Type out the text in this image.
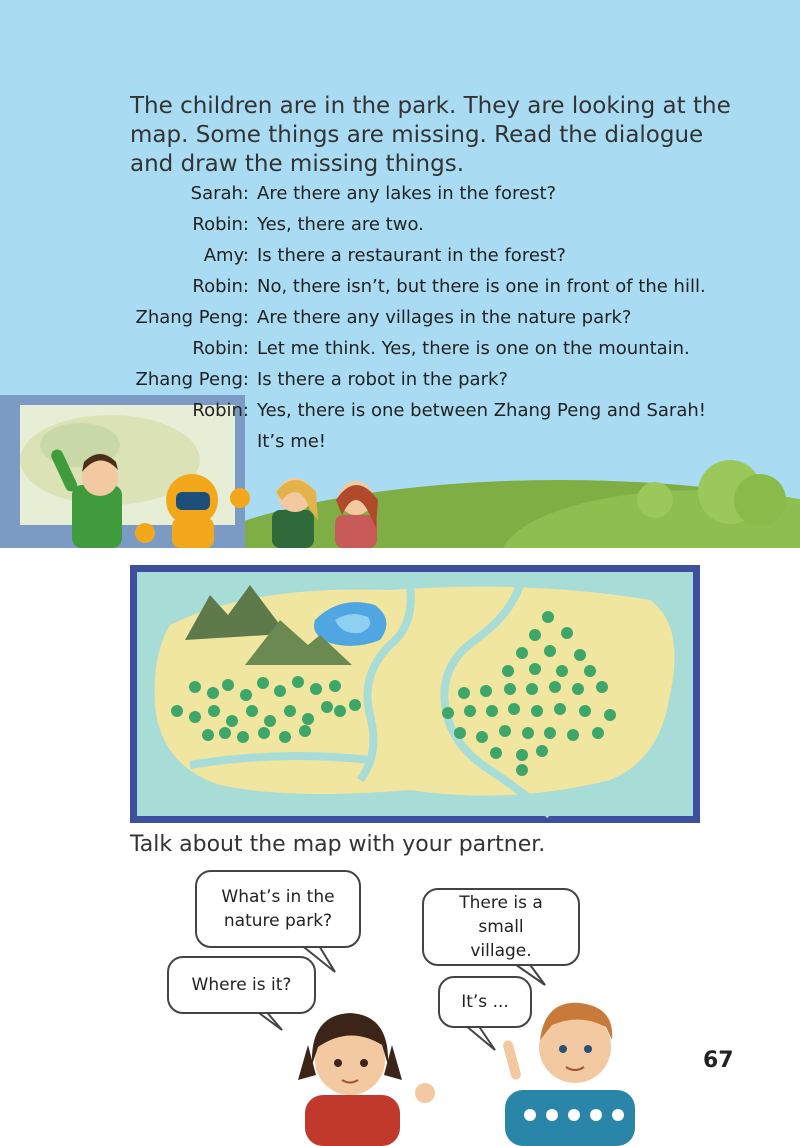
The children are in the park. They are looking at the map. Some things are missing. Read the dialogue and draw the missing things.

Sarah: Are there any lakes in the forest?
Robin: Yes, there are two.
Amy: Is there a restaurant in the forest?
Robin: No, there isn’t, but there is one in front of the hill.
Zhang Peng: Are there any villages in the nature park?
Robin: Let me think. Yes, there is one on the mountain.
Zhang Peng: Is there a robot in the park?
Robin: Yes, there is one between Zhang Peng and Sarah!
It’s me!
Talk about the map with your partner.
What’s in the nature park?
Where is it?
There is a small village.
It’s ...
67
